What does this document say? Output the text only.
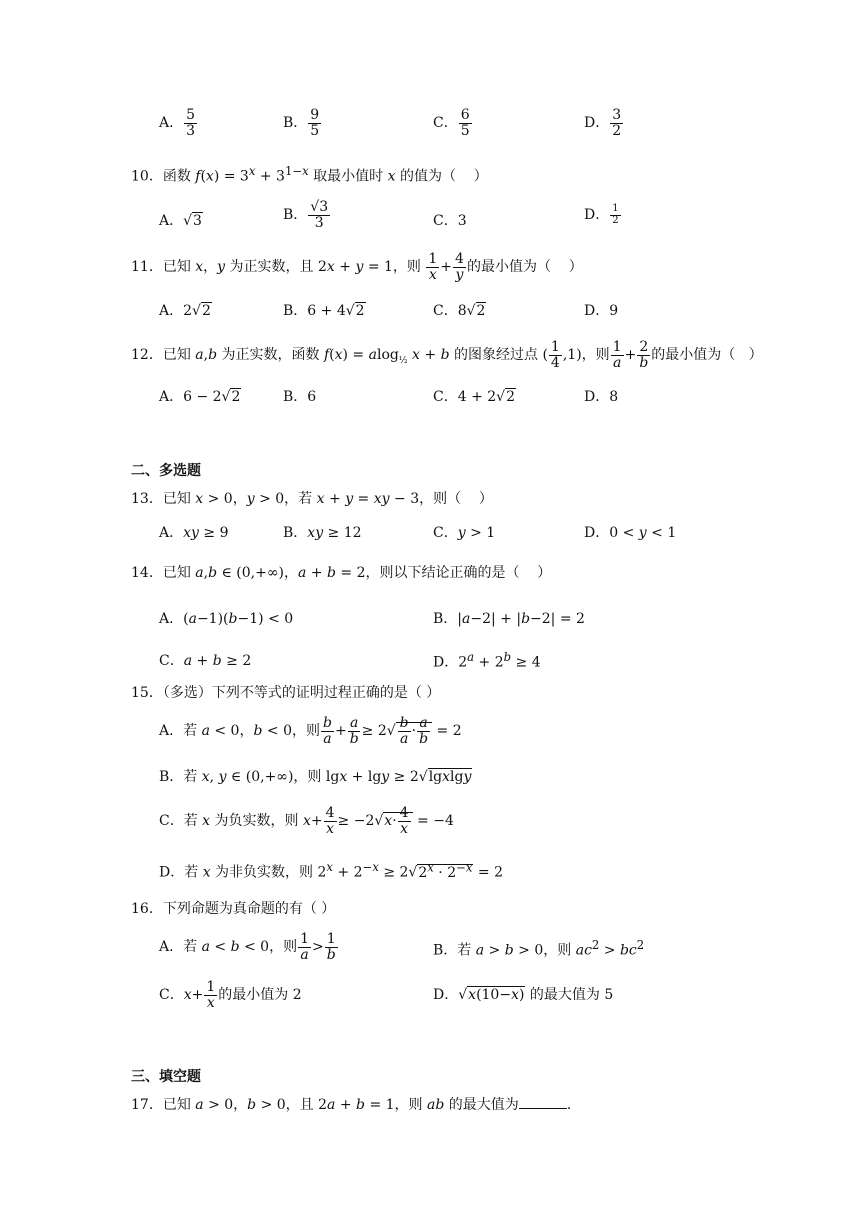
A． $\frac{5}{3}$	B． $\frac{9}{5}$	C． $\frac{6}{5}$	D． $\frac{3}{2}$
10．函数 $f(x) = 3^x + 3^{1-x}$ 取最小值时 x 的值为（    ）
A．√3	B． $\frac{√3}{3}$	C．3	D． $\frac{1}{2}$
11．已知 x，y 为正实数，且 2x + y = 1，则 $\frac{1}{x} + \frac{4}{y}$ 的最小值为（    ）
A．2√2	B．6 + 4√2	C．8√2	D．9
12．已知 a,b 为正实数，函数 f(x) = alog$_{\frac{1}{2}}$ x + b 的图象经过点 ( $\frac{1}{4} ,1$)，则 $\frac{1}{a} + \frac{2}{b}$ 的最小值为（   ）
A．6 − 2√2	B．6	C．4 + 2√2	D．8
二、多选题
13．已知 x > 0，y > 0，若 x + y = xy − 3，则（    ）
A．xy ≥ 9	B．xy ≥ 12	C．y > 1	D．0 < y < 1
14．已知 a,b ∈ (0,+∞)，a + b = 2，则以下结论正确的是（    ）
A．(a−1)(b−1) < 0	B．|a−2| + |b−2| = 2
C．a + b ≥ 2	D．$2^a + 2^b \ge 4$
15．（多选）下列不等式的证明过程正确的是（ ）
A．若 a < 0，b < 0，则 $\frac{b}{a} + \frac{a}{b} \ge 2√ \frac{b}{a} \cdot \frac{a}{b} = 2$
B．若 x, y ∈ (0,+∞)，则 lgx + lgy ≥ 2√lgxlgy
C．若 x 为负实数，则 $x+ \frac{4}{x} \ge -2√x\cdot \frac{4}{x} = -4$
D．若 x 为非负实数，则 $2^x + 2^{-x} \ge 2√2^x \cdot 2^{-x} = 2$
16．下列命题为真命题的有（ ）
A．若 a < b < 0，则 $\frac{1}{a} > \frac{1}{b}$	B．若 a > b > 0，则 $ac^2 > bc^2$
C．$x+ \frac{1}{x}$ 的最小值为 2	D．√x(10−x) 的最大值为 5
三、填空题
17．已知 a > 0，b > 0，且 2a + b = 1，则 ab 的最大值为	.
